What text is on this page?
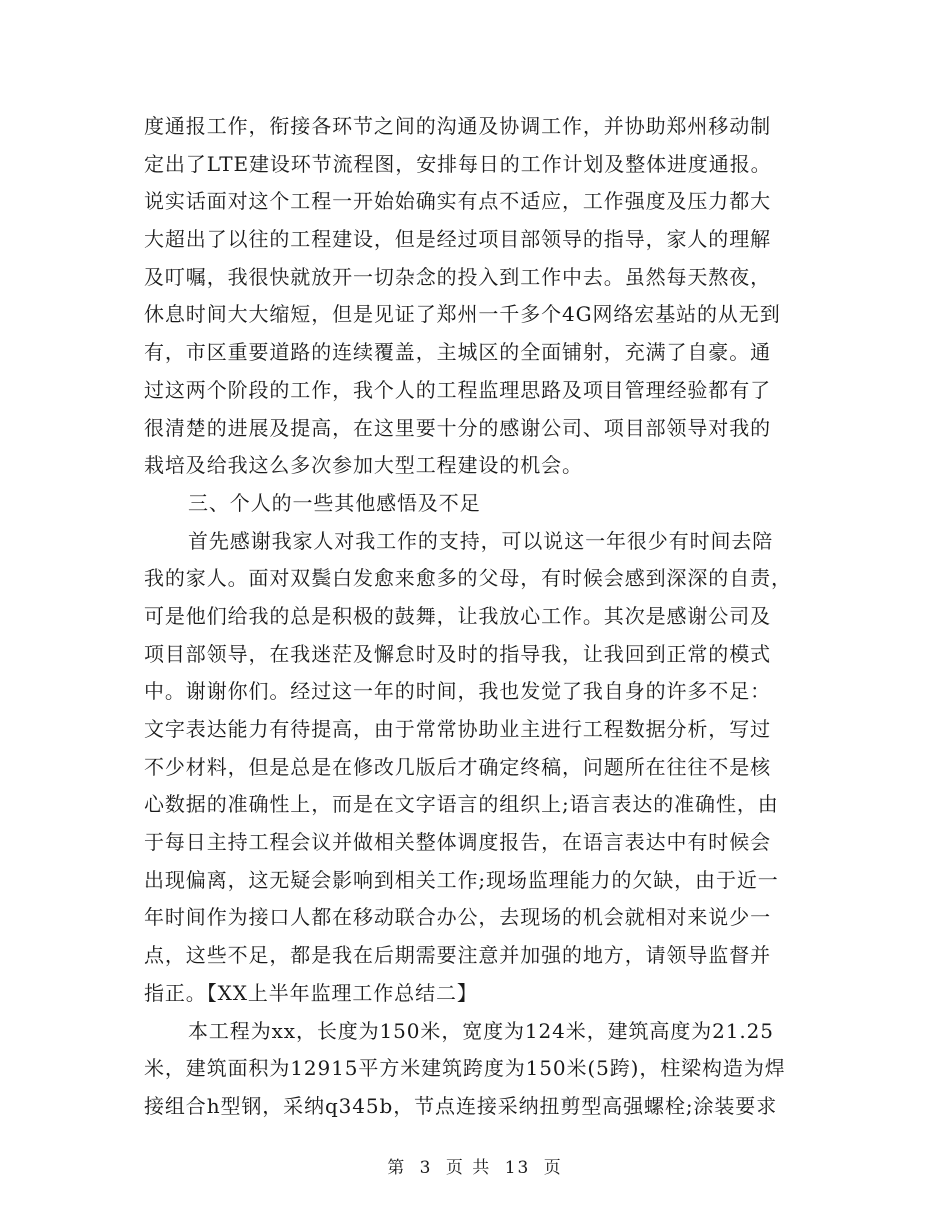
度通报工作，衔接各环节之间的沟通及协调工作，并协助郑州移动制
定出了LTE建设环节流程图，安排每日的工作计划及整体进度通报。
说实话面对这个工程一开始始确实有点不适应，工作强度及压力都大
大超出了以往的工程建设，但是经过项目部领导的指导，家人的理解
及叮嘱，我很快就放开一切杂念的投入到工作中去。虽然每天熬夜，
休息时间大大缩短，但是见证了郑州一千多个4G网络宏基站的从无到
有，市区重要道路的连续覆盖，主城区的全面铺射，充满了自豪。通
过这两个阶段的工作，我个人的工程监理思路及项目管理经验都有了
很清楚的进展及提高，在这里要十分的感谢公司、项目部领导对我的
栽培及给我这么多次参加大型工程建设的机会。
三、个人的一些其他感悟及不足
首先感谢我家人对我工作的支持，可以说这一年很少有时间去陪
我的家人。面对双鬓白发愈来愈多的父母，有时候会感到深深的自责，
可是他们给我的总是积极的鼓舞，让我放心工作。其次是感谢公司及
项目部领导，在我迷茫及懈怠时及时的指导我，让我回到正常的模式
中。谢谢你们。经过这一年的时间，我也发觉了我自身的许多不足：
文字表达能力有待提高，由于常常协助业主进行工程数据分析，写过
不少材料，但是总是在修改几版后才确定终稿，问题所在往往不是核
心数据的准确性上，而是在文字语言的组织上;语言表达的准确性，由
于每日主持工程会议并做相关整体调度报告，在语言表达中有时候会
出现偏离，这无疑会影响到相关工作;现场监理能力的欠缺，由于近一
年时间作为接口人都在移动联合办公，去现场的机会就相对来说少一
点，这些不足，都是我在后期需要注意并加强的地方，请领导监督并
指正。【XX上半年监理工作总结二】
本工程为xx，长度为150米，宽度为124米，建筑高度为21.25
米，建筑面积为12915平方米建筑跨度为150米(5跨)，柱梁构造为焊
接组合h型钢，采纳q345b，节点连接采纳扭剪型高强螺栓;涂装要求
第 3 页 共 13 页
